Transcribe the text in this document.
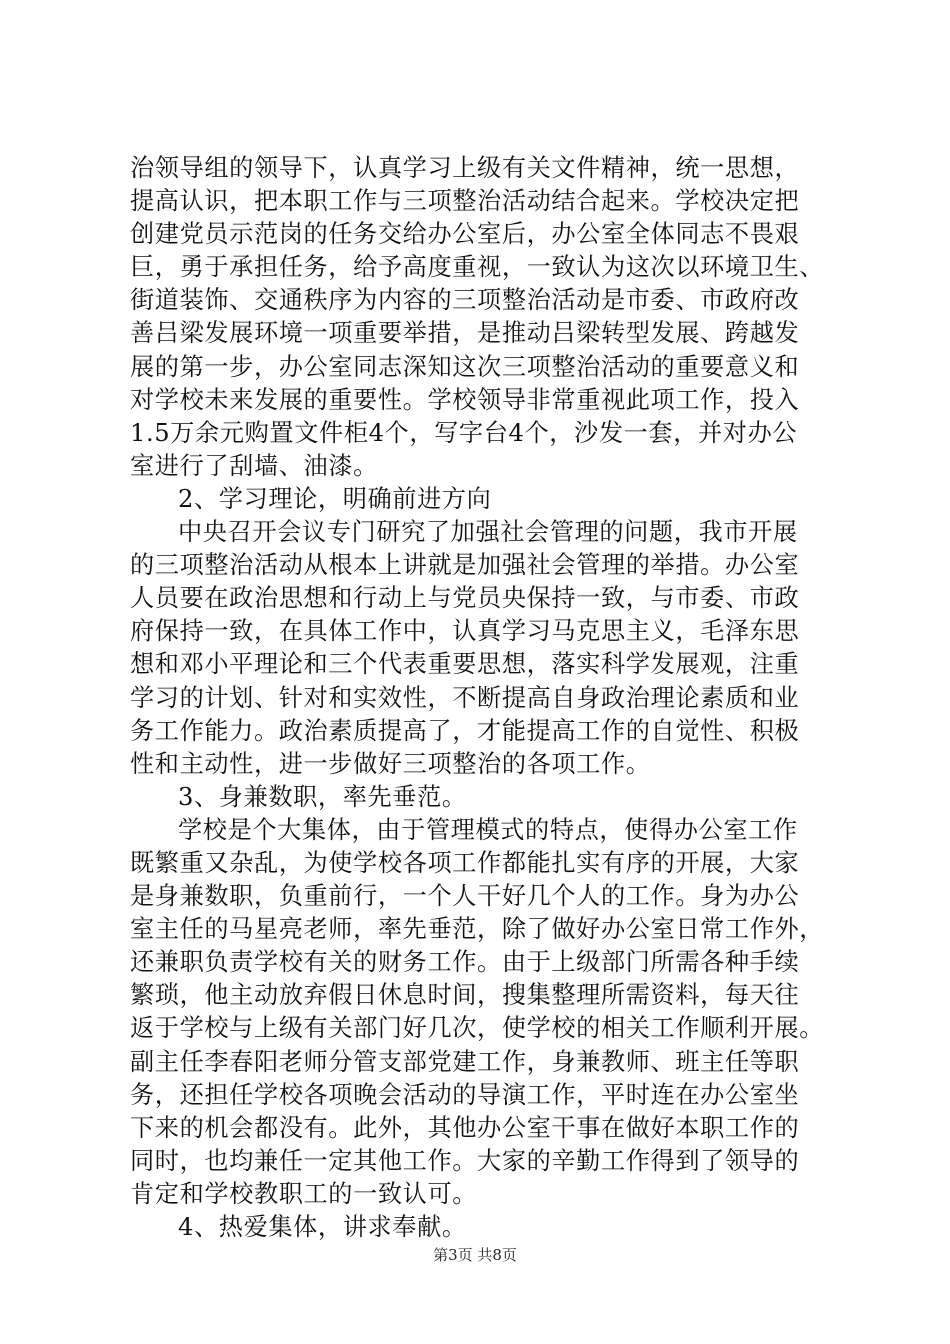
治领导组的领导下，认真学习上级有关文件精神，统一思想，
提高认识，把本职工作与三项整治活动结合起来。学校决定把
创建党员示范岗的任务交给办公室后，办公室全体同志不畏艰
巨，勇于承担任务，给予高度重视，一致认为这次以环境卫生、
街道装饰、交通秩序为内容的三项整治活动是市委、市政府改
善吕梁发展环境一项重要举措，是推动吕梁转型发展、跨越发
展的第一步，办公室同志深知这次三项整治活动的重要意义和
对学校未来发展的重要性。学校领导非常重视此项工作，投入
1.5万余元购置文件柜4个，写字台4个，沙发一套，并对办公
室进行了刮墙、油漆。
2、学习理论，明确前进方向
中央召开会议专门研究了加强社会管理的问题，我市开展
的三项整治活动从根本上讲就是加强社会管理的举措。办公室
人员要在政治思想和行动上与党员央保持一致，与市委、市政
府保持一致，在具体工作中，认真学习马克思主义，毛泽东思
想和邓小平理论和三个代表重要思想，落实科学发展观，注重
学习的计划、针对和实效性，不断提高自身政治理论素质和业
务工作能力。政治素质提高了，才能提高工作的自觉性、积极
性和主动性，进一步做好三项整治的各项工作。
3、身兼数职，率先垂范。
学校是个大集体，由于管理模式的特点，使得办公室工作
既繁重又杂乱，为使学校各项工作都能扎实有序的开展，大家
是身兼数职，负重前行，一个人干好几个人的工作。身为办公
室主任的马星亮老师，率先垂范，除了做好办公室日常工作外，
还兼职负责学校有关的财务工作。由于上级部门所需各种手续
繁琐，他主动放弃假日休息时间，搜集整理所需资料，每天往
返于学校与上级有关部门好几次，使学校的相关工作顺利开展。
副主任李春阳老师分管支部党建工作，身兼教师、班主任等职
务，还担任学校各项晚会活动的导演工作，平时连在办公室坐
下来的机会都没有。此外，其他办公室干事在做好本职工作的
同时，也均兼任一定其他工作。大家的辛勤工作得到了领导的
肯定和学校教职工的一致认可。
4、热爱集体，讲求奉献。
第3页 共8页
